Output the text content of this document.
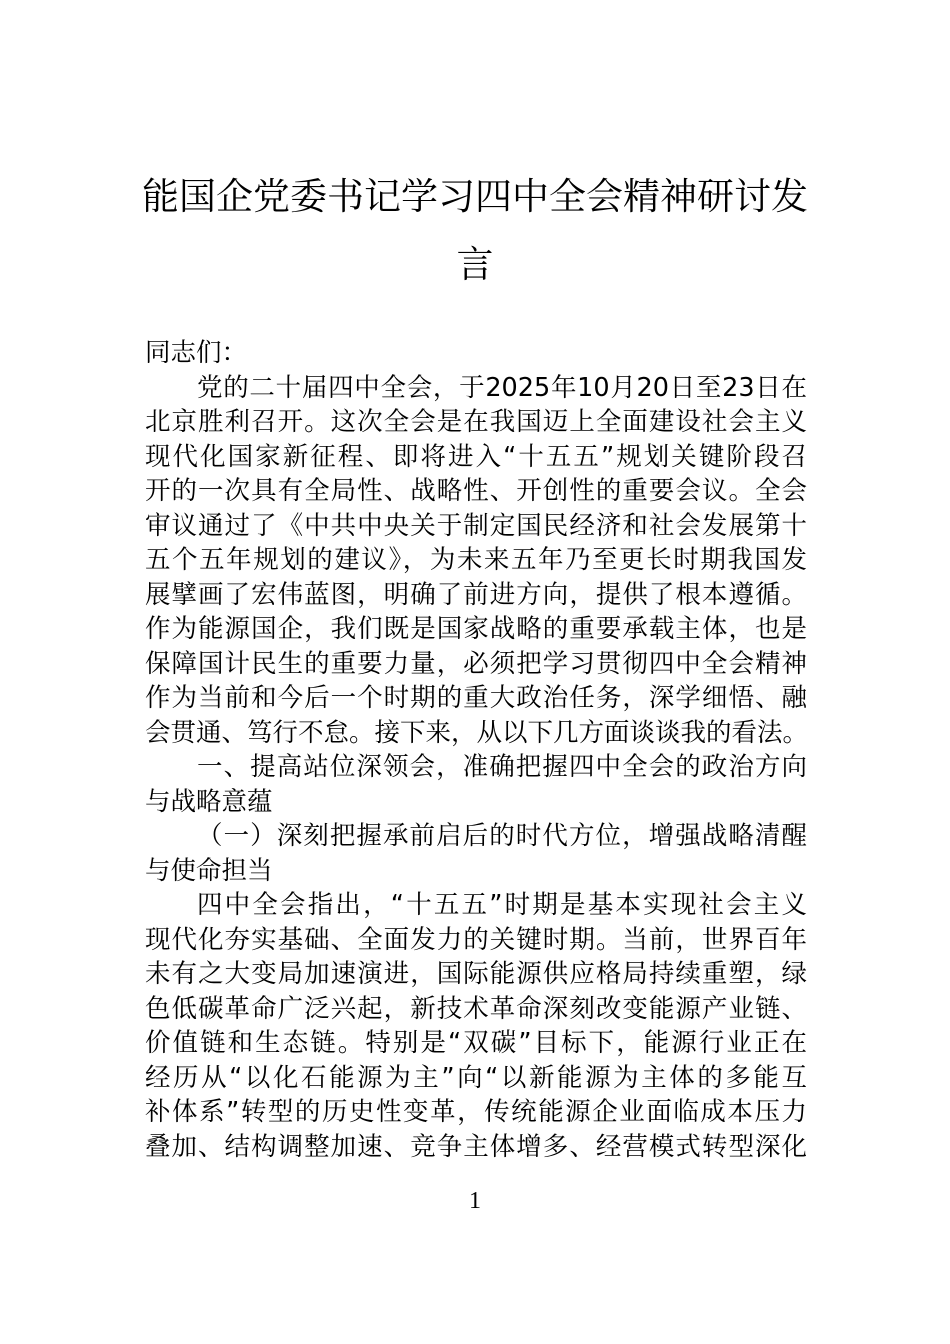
能国企党委书记学习四中全会精神研讨发
言
同志们：
党的二十届四中全会，于2025年10月20日至23日在
北京胜利召开。这次全会是在我国迈上全面建设社会主义
现代化国家新征程、即将进入“十五五”规划关键阶段召
开的一次具有全局性、战略性、开创性的重要会议。全会
审议通过了《中共中央关于制定国民经济和社会发展第十
五个五年规划的建议》，为未来五年乃至更长时期我国发
展擘画了宏伟蓝图，明确了前进方向，提供了根本遵循。
作为能源国企，我们既是国家战略的重要承载主体，也是
保障国计民生的重要力量，必须把学习贯彻四中全会精神
作为当前和今后一个时期的重大政治任务，深学细悟、融
会贯通、笃行不怠。接下来，从以下几方面谈谈我的看法。
一、提高站位深领会，准确把握四中全会的政治方向
与战略意蕴
（一）深刻把握承前启后的时代方位，增强战略清醒
与使命担当
四中全会指出，“十五五”时期是基本实现社会主义
现代化夯实基础、全面发力的关键时期。当前，世界百年
未有之大变局加速演进，国际能源供应格局持续重塑，绿
色低碳革命广泛兴起，新技术革命深刻改变能源产业链、
价值链和生态链。特别是“双碳”目标下，能源行业正在
经历从“以化石能源为主”向“以新能源为主体的多能互
补体系”转型的历史性变革，传统能源企业面临成本压力
叠加、结构调整加速、竞争主体增多、经营模式转型深化
1
